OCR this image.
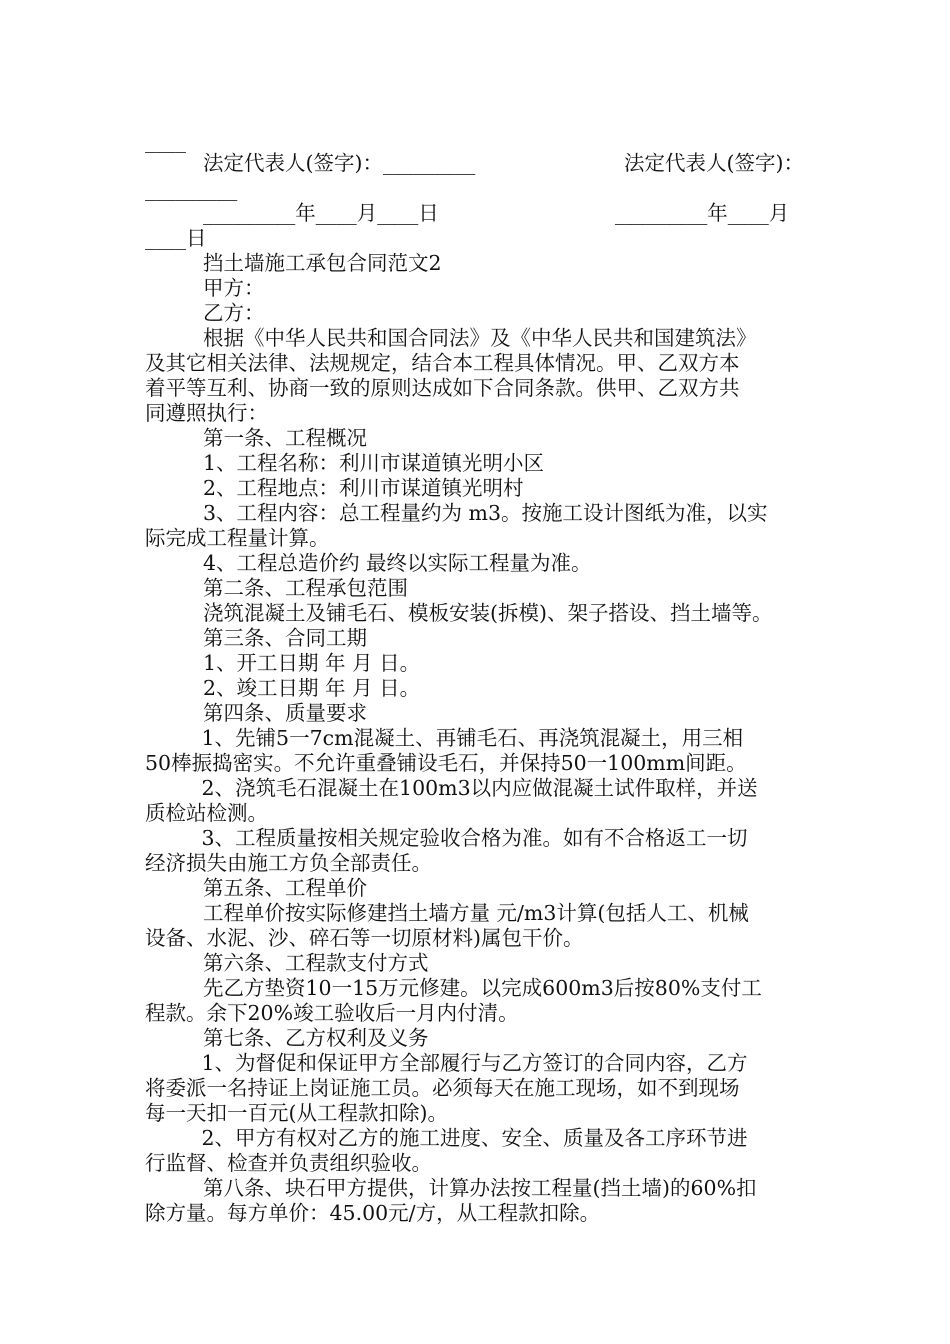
____
法定代表人(签字)：_________	法定代表人(签字)：
_________
_________年____月____日	_________年____月
____日
挡土墙施工承包合同范文2
甲方：
乙方：
根据《中华人民共和国合同法》及《中华人民共和国建筑法》
及其它相关法律、法规规定，结合本工程具体情况。甲、乙双方本
着平等互利、协商一致的原则达成如下合同条款。供甲、乙双方共
同遵照执行：
第一条、工程概况
1、工程名称：利川市谋道镇光明小区
2、工程地点：利川市谋道镇光明村
3、工程内容：总工程量约为 m3。按施工设计图纸为准，以实
际完成工程量计算。
4、工程总造价约 最终以实际工程量为准。
第二条、工程承包范围
浇筑混凝土及铺毛石、模板安装(拆模)、架子搭设、挡土墙等。
第三条、合同工期
1、开工日期 年 月 日。
2、竣工日期 年 月 日。
第四条、质量要求
1、先铺5一7cm混凝土、再铺毛石、再浇筑混凝土，用三相
50棒振捣密实。不允许重叠铺设毛石，并保持50一100mm间距。
2、浇筑毛石混凝土在100m3以内应做混凝土试件取样，并送
质检站检测。
3、工程质量按相关规定验收合格为准。如有不合格返工一切
经济损失由施工方负全部责任。
第五条、工程单价
工程单价按实际修建挡土墙方量 元/m3计算(包括人工、机械
设备、水泥、沙、碎石等一切原材料)属包干价。
第六条、工程款支付方式
先乙方垫资10一15万元修建。以完成600m3后按80%支付工
程款。余下20%竣工验收后一月内付清。
第七条、乙方权利及义务
1、为督促和保证甲方全部履行与乙方签订的合同内容，乙方
将委派一名持证上岗证施工员。必须每天在施工现场，如不到现场
每一天扣一百元(从工程款扣除)。
2、甲方有权对乙方的施工进度、安全、质量及各工序环节进
行监督、检查并负责组织验收。
第八条、块石甲方提供，计算办法按工程量(挡土墙)的60%扣
除方量。每方单价：45.00元/方，从工程款扣除。
